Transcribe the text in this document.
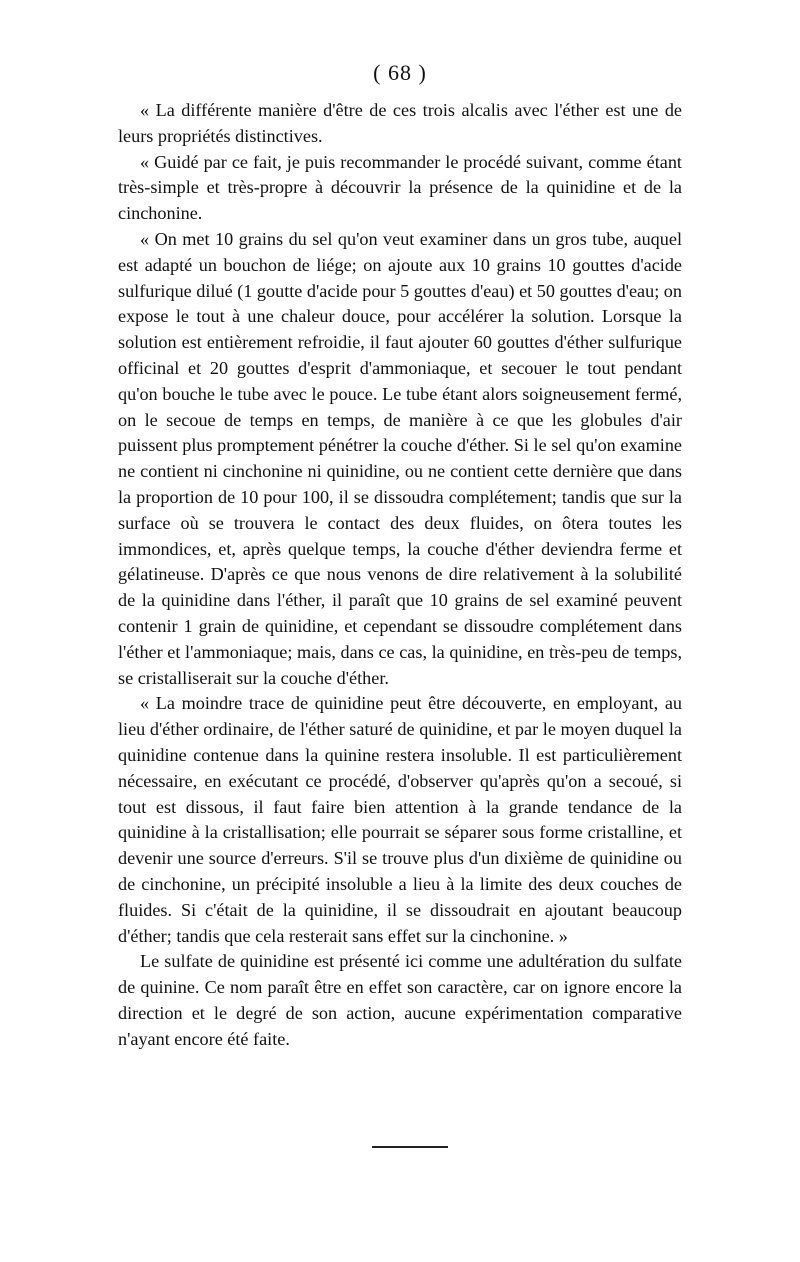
( 68 )

« La différente manière d'être de ces trois alcalis avec l'éther est une de leurs propriétés distinctives.

« Guidé par ce fait, je puis recommander le procédé suivant, comme étant très-simple et très-propre à découvrir la présence de la quinidine et de la cinchonine.

« On met 10 grains du sel qu'on veut examiner dans un gros tube, auquel est adapté un bouchon de liége; on ajoute aux 10 grains 10 gouttes d'acide sulfurique dilué (1 goutte d'acide pour 5 gouttes d'eau) et 50 gouttes d'eau; on expose le tout à une chaleur douce, pour accélérer la solution. Lorsque la solution est entièrement refroidie, il faut ajouter 60 gouttes d'éther sulfurique officinal et 20 gouttes d'esprit d'ammoniaque, et secouer le tout pendant qu'on bouche le tube avec le pouce. Le tube étant alors soigneusement fermé, on le secoue de temps en temps, de manière à ce que les globules d'air puissent plus promptement pénétrer la couche d'éther. Si le sel qu'on examine ne contient ni cinchonine ni quinidine, ou ne contient cette dernière que dans la proportion de 10 pour 100, il se dissoudra complétement; tandis que sur la surface où se trouvera le contact des deux fluides, on ôtera toutes les immondices, et, après quelque temps, la couche d'éther deviendra ferme et gélatineuse. D'après ce que nous venons de dire relativement à la solubilité de la quinidine dans l'éther, il paraît que 10 grains de sel examiné peuvent contenir 1 grain de quinidine, et cependant se dissoudre complétement dans l'éther et l'ammoniaque; mais, dans ce cas, la quinidine, en très-peu de temps, se cristalliserait sur la couche d'éther.

« La moindre trace de quinidine peut être découverte, en employant, au lieu d'éther ordinaire, de l'éther saturé de quinidine, et par le moyen duquel la quinidine contenue dans la quinine restera insoluble. Il est particulièrement nécessaire, en exécutant ce procédé, d'observer qu'après qu'on a secoué, si tout est dissous, il faut faire bien attention à la grande tendance de la quinidine à la cristallisation; elle pourrait se séparer sous forme cristalline, et devenir une source d'erreurs. S'il se trouve plus d'un dixième de quinidine ou de cinchonine, un précipité insoluble a lieu à la limite des deux couches de fluides. Si c'était de la quinidine, il se dissoudrait en ajoutant beaucoup d'éther; tandis que cela resterait sans effet sur la cinchonine. »

Le sulfate de quinidine est présenté ici comme une adultération du sulfate de quinine. Ce nom paraît être en effet son caractère, car on ignore encore la direction et le degré de son action, aucune expérimentation comparative n'ayant encore été faite.
